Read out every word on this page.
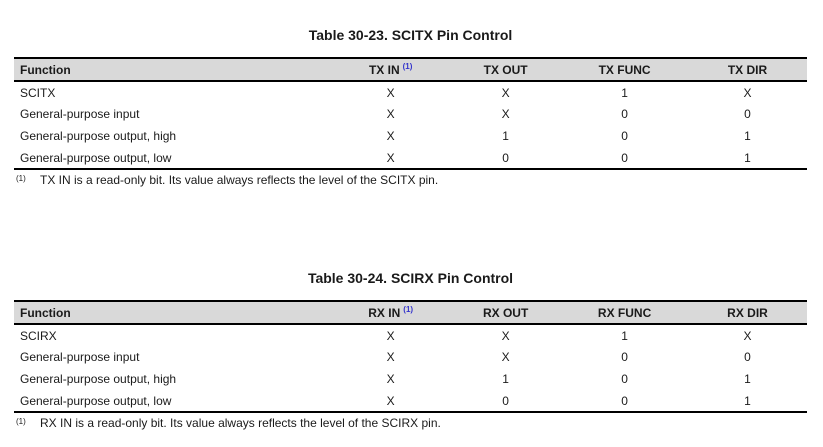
Table 30-23. SCITX Pin Control
Function	TX IN $^{(1)}$	TX OUT	TX FUNC	TX DIR
SCITX	X	X	1	X
General-purpose input	X	X	0	0
General-purpose output, high	X	1	0	1
General-purpose output, low	X	0	0	1
(1)	TX IN is a read-only bit. Its value always reflects the level of the SCITX pin.
Table 30-24. SCIRX Pin Control
Function	RX IN $^{(1)}$	RX OUT	RX FUNC	RX DIR
SCIRX	X	X	1	X
General-purpose input	X	X	0	0
General-purpose output, high	X	1	0	1
General-purpose output, low	X	0	0	1
(1)	RX IN is a read-only bit. Its value always reflects the level of the SCIRX pin.
